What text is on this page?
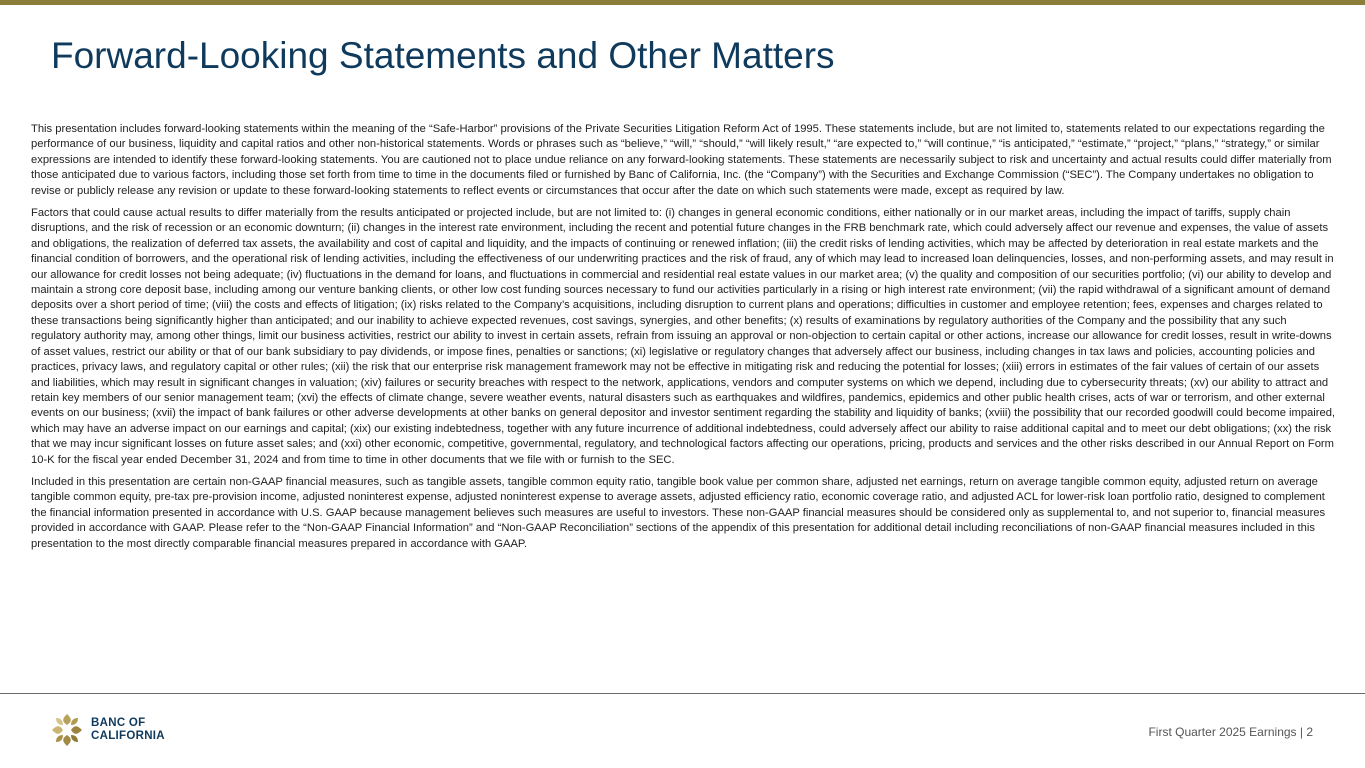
Forward-Looking Statements and Other Matters

This presentation includes forward-looking statements within the meaning of the “Safe-Harbor” provisions of the Private Securities Litigation Reform Act of 1995. These statements include, but are not limited to, statements related to our expectations regarding the performance of our business, liquidity and capital ratios and other non-historical statements. Words or phrases such as “believe,” “will,” “should,” “will likely result,” “are expected to,” “will continue,” “is anticipated,” “estimate,” “project,” “plans,” “strategy,” or similar expressions are intended to identify these forward-looking statements. You are cautioned not to place undue reliance on any forward-looking statements. These statements are necessarily subject to risk and uncertainty and actual results could differ materially from those anticipated due to various factors, including those set forth from time to time in the documents filed or furnished by Banc of California, Inc. (the “Company”) with the Securities and Exchange Commission (“SEC”). The Company undertakes no obligation to revise or publicly release any revision or update to these forward-looking statements to reflect events or circumstances that occur after the date on which such statements were made, except as required by law.

Factors that could cause actual results to differ materially from the results anticipated or projected include, but are not limited to: (i) changes in general economic conditions, either nationally or in our market areas, including the impact of tariffs, supply chain disruptions, and the risk of recession or an economic downturn; (ii) changes in the interest rate environment, including the recent and potential future changes in the FRB benchmark rate, which could adversely affect our revenue and expenses, the value of assets and obligations, the realization of deferred tax assets, the availability and cost of capital and liquidity, and the impacts of continuing or renewed inflation; (iii) the credit risks of lending activities, which may be affected by deterioration in real estate markets and the financial condition of borrowers, and the operational risk of lending activities, including the effectiveness of our underwriting practices and the risk of fraud, any of which may lead to increased loan delinquencies, losses, and non-performing assets, and may result in our allowance for credit losses not being adequate; (iv) fluctuations in the demand for loans, and fluctuations in commercial and residential real estate values in our market area; (v) the quality and composition of our securities portfolio; (vi) our ability to develop and maintain a strong core deposit base, including among our venture banking clients, or other low cost funding sources necessary to fund our activities particularly in a rising or high interest rate environment; (vii) the rapid withdrawal of a significant amount of demand deposits over a short period of time; (viii) the costs and effects of litigation; (ix) risks related to the Company’s acquisitions, including disruption to current plans and operations; difficulties in customer and employee retention; fees, expenses and charges related to these transactions being significantly higher than anticipated; and our inability to achieve expected revenues, cost savings, synergies, and other benefits; (x) results of examinations by regulatory authorities of the Company and the possibility that any such regulatory authority may, among other things, limit our business activities, restrict our ability to invest in certain assets, refrain from issuing an approval or non-objection to certain capital or other actions, increase our allowance for credit losses, result in write-downs of asset values, restrict our ability or that of our bank subsidiary to pay dividends, or impose fines, penalties or sanctions; (xi) legislative or regulatory changes that adversely affect our business, including changes in tax laws and policies, accounting policies and practices, privacy laws, and regulatory capital or other rules; (xii) the risk that our enterprise risk management framework may not be effective in mitigating risk and reducing the potential for losses; (xiii) errors in estimates of the fair values of certain of our assets and liabilities, which may result in significant changes in valuation; (xiv) failures or security breaches with respect to the network, applications, vendors and computer systems on which we depend, including due to cybersecurity threats; (xv) our ability to attract and retain key members of our senior management team; (xvi) the effects of climate change, severe weather events, natural disasters such as earthquakes and wildfires, pandemics, epidemics and other public health crises, acts of war or terrorism, and other external events on our business; (xvii) the impact of bank failures or other adverse developments at other banks on general depositor and investor sentiment regarding the stability and liquidity of banks; (xviii) the possibility that our recorded goodwill could become impaired, which may have an adverse impact on our earnings and capital; (xix) our existing indebtedness, together with any future incurrence of additional indebtedness, could adversely affect our ability to raise additional capital and to meet our debt obligations; (xx) the risk that we may incur significant losses on future asset sales; and (xxi) other economic, competitive, governmental, regulatory, and technological factors affecting our operations, pricing, products and services and the other risks described in our Annual Report on Form 10-K for the fiscal year ended December 31, 2024 and from time to time in other documents that we file with or furnish to the SEC.

Included in this presentation are certain non-GAAP financial measures, such as tangible assets, tangible common equity ratio, tangible book value per common share, adjusted net earnings, return on average tangible common equity, adjusted return on average tangible common equity, pre-tax pre-provision income, adjusted noninterest expense, adjusted noninterest expense to average assets, adjusted efficiency ratio, economic coverage ratio, and adjusted ACL for lower-risk loan portfolio ratio, designed to complement the financial information presented in accordance with U.S. GAAP because management believes such measures are useful to investors. These non-GAAP financial measures should be considered only as supplemental to, and not superior to, financial measures provided in accordance with GAAP. Please refer to the “Non-GAAP Financial Information” and “Non-GAAP Reconciliation” sections of the appendix of this presentation for additional detail including reconciliations of non-GAAP financial measures included in this presentation to the most directly comparable financial measures prepared in accordance with GAAP.

BANC OF
CALIFORNIA	First Quarter 2025 Earnings | 2
